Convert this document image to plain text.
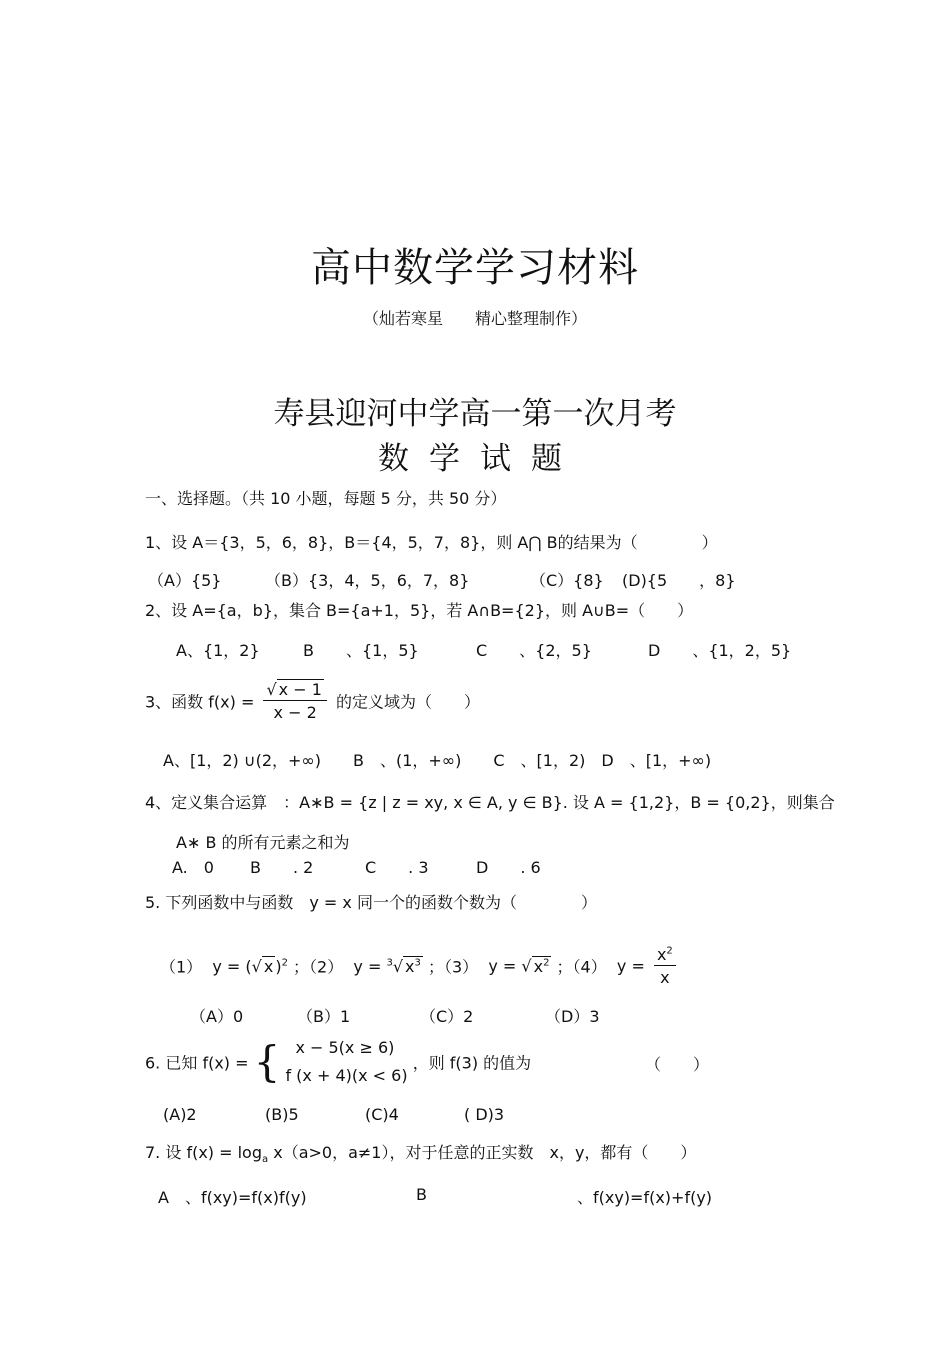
高中数学学习材料
（灿若寒星　　精心整理制作）
寿县迎河中学高一第一次月考
数学试题
一、选择题。（共 10 小题，每题 5 分，共 50 分）
1、设 A＝{3，5，6，8}，B＝{4，5，7，8}，则 A⋂ B的结果为（　　　　）
（A）{5}	（B）{3，4，5，6，7，8}	（C）{8} (D){5　　，8}
2、设 A={a，b}，集合 B={a+1，5}，若 A∩B={2}，则 A∪B=（　　）
A、{1，2}	B　　、{1，5}	C　　、{2，5}	D　　、{1，2，5}
3、函数 $f(x) = \frac{√ x - 1}{x - 2}$ 的定义域为（　　）
A、[1，2) ∪(2，+∞)　　B　、(1，+∞)　　C　、[1，2)　D　、[1，+∞)
4、定义集合运算　：A∗B = {z | z = xy, x ∈ A, y ∈ B}. 设 A = {1,2}，B = {0,2}，则集合
A∗ B 的所有元素之和为
A.　0 B　　. 2	C　　. 3	D　　. 6
5. 下列函数中与函数　y = x 同一个的函数个数为（　　　　）
（1）  y = (√ x )$^2$ ；（2）  y = $^3$√ $x^3$ ；（3）  y = √ $x^2$ ；（4）  $y = \frac{x^2}{x}$
（A）0	（B）1	（C）2	（D）3
6. 已知 f(x) = { x − 5(x ≥ 6)
f (x + 4)(x < 6)
，则 f(3) 的值为	（　　）
(A)2	(B)5	(C)4	( D)3
7. 设 $f(x) = \log_a x(a>0$，a≠1），对于任意的正实数　x，y，都有（　　）
A　、f(xy)=f(x)f(y)	B	、f(xy)=f(x)+f(y)
